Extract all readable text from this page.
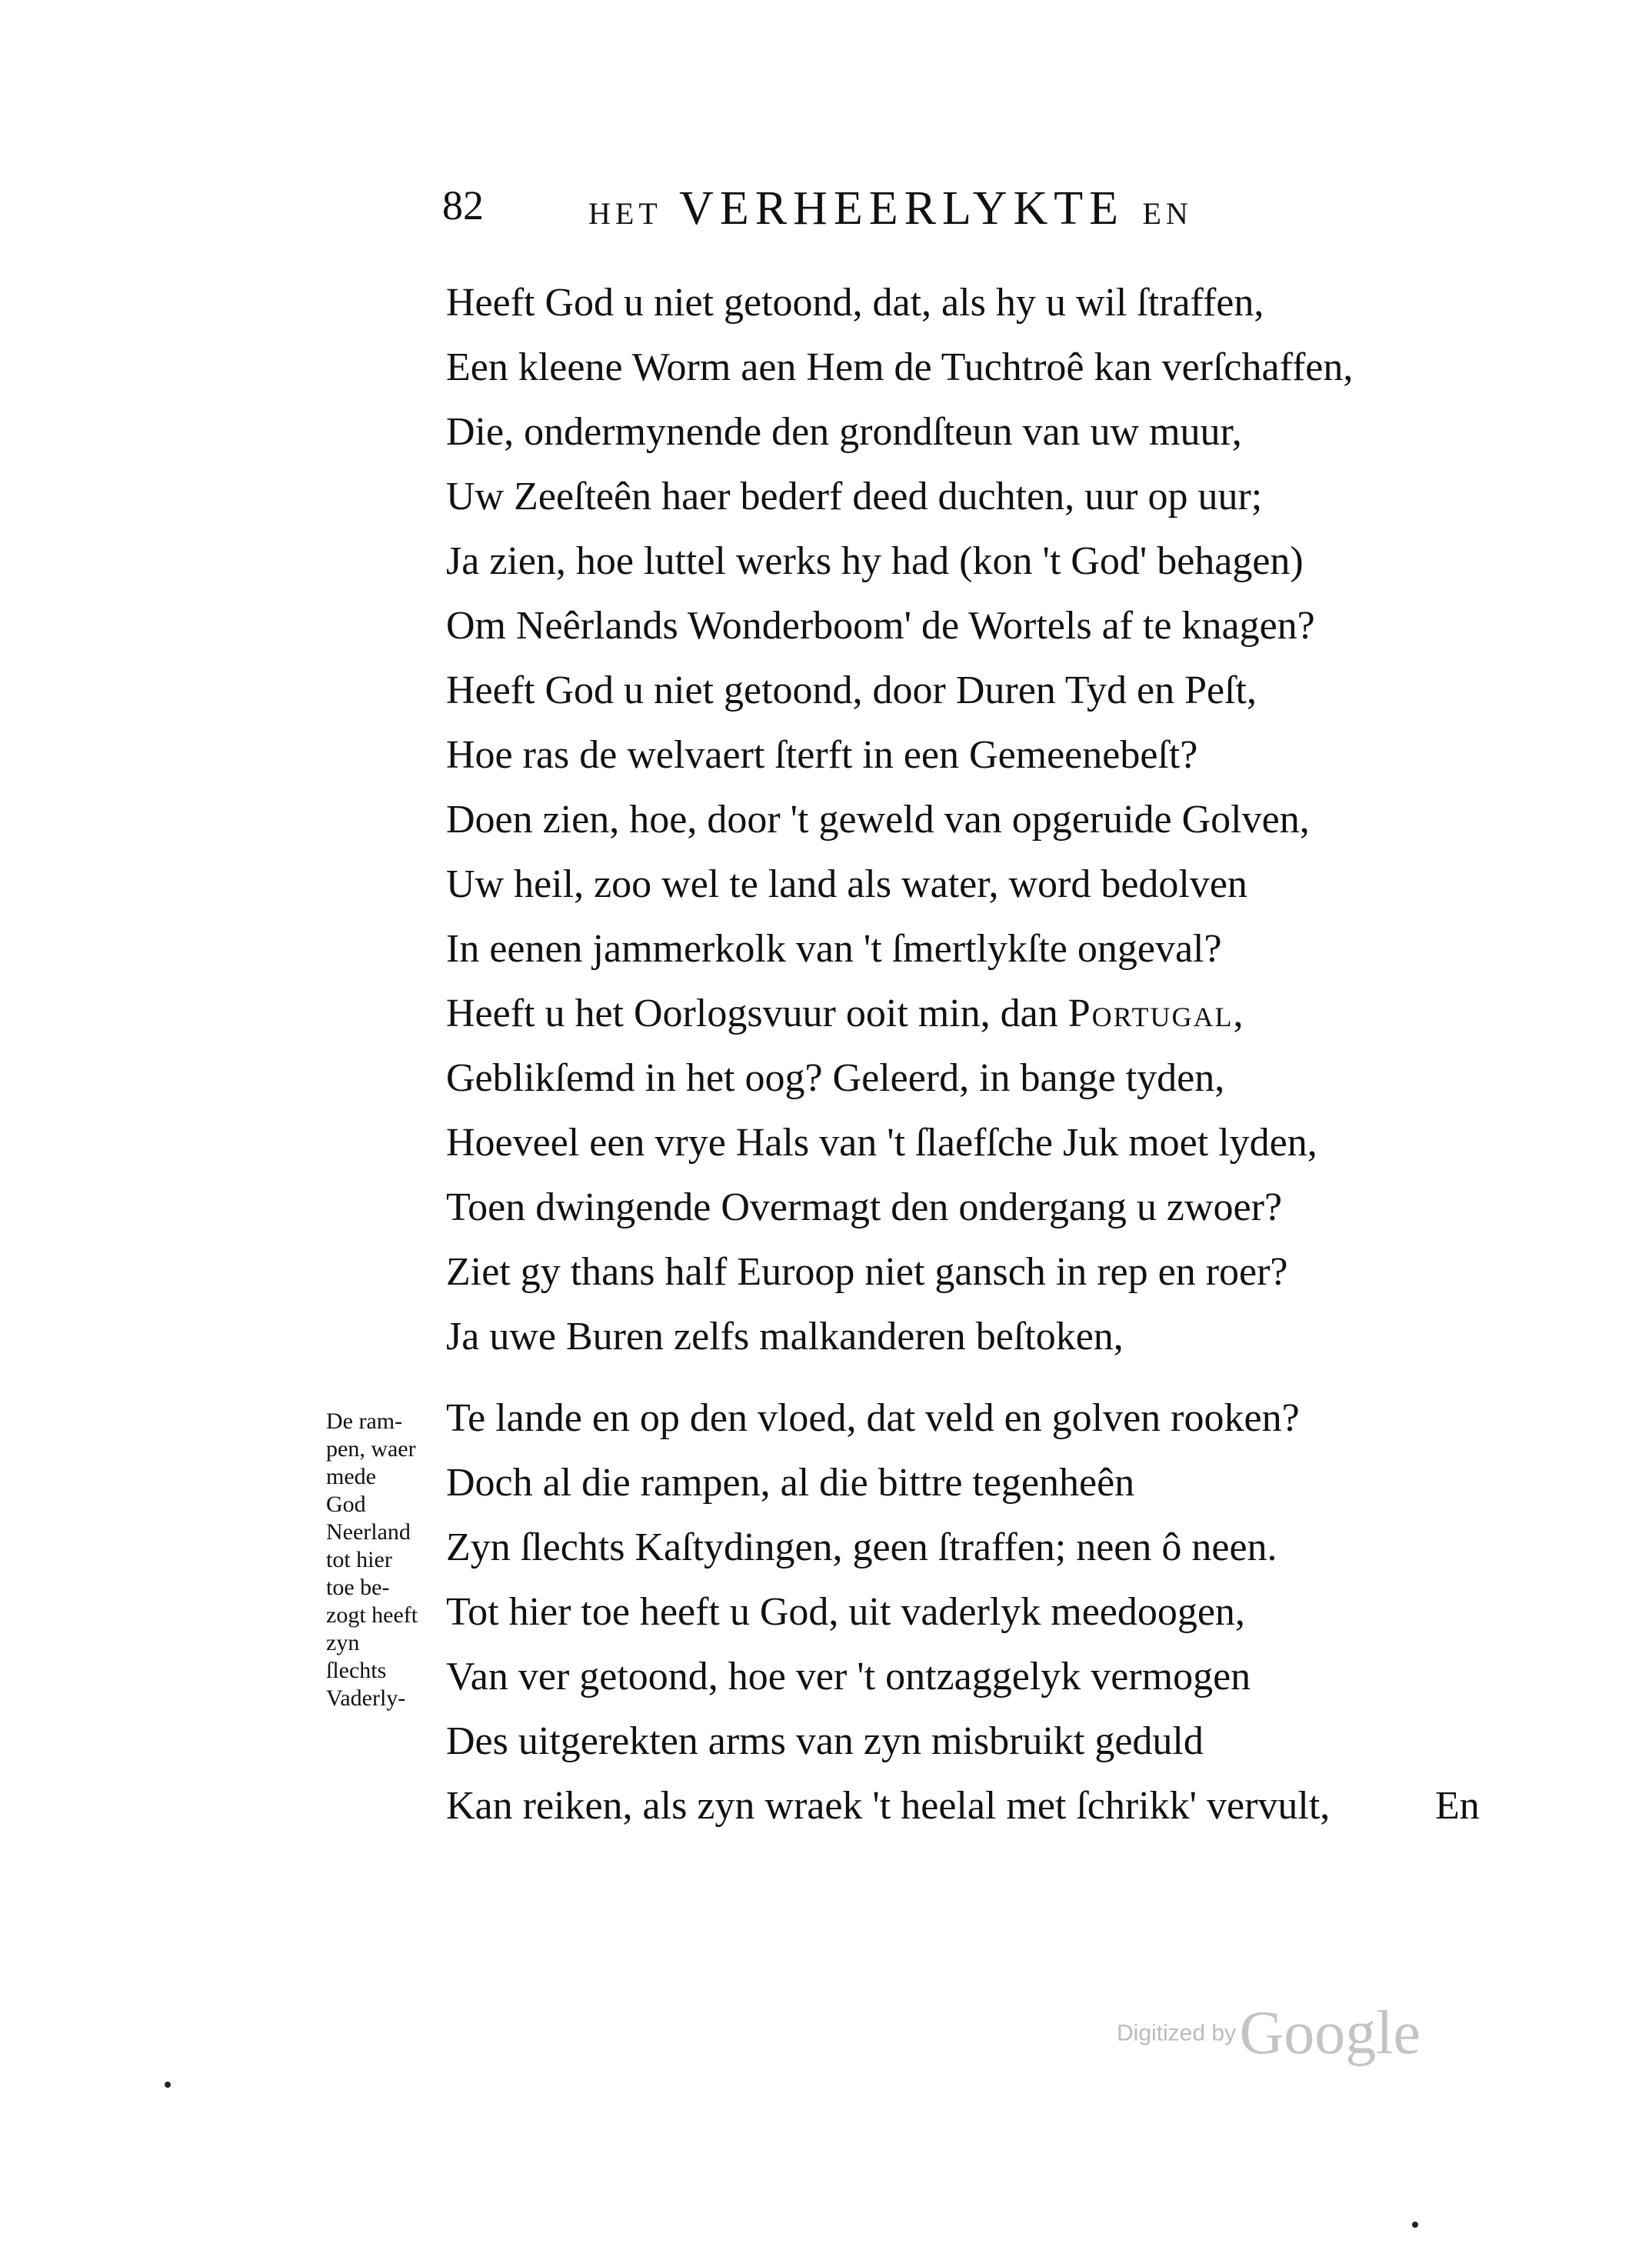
82	HET VERHEERLYKTE EN
Heeft God u niet getoond, dat, als hy u wil ſtraffen,
Een kleene Worm aen Hem de Tuchtroê kan verſchaffen,
Die, ondermynende den grondſteun van uw muur,
Uw Zeeſteên haer bederf deed duchten, uur op uur;
Ja zien, hoe luttel werks hy had (kon 't God' behagen)
Om Neêrlands Wonderboom' de Wortels af te knagen?
Heeft God u niet getoond, door Duren Tyd en Peſt,
Hoe ras de welvaert ſterft in een Gemeenebeſt?
Doen zien, hoe, door 't geweld van opgeruide Golven,
Uw heil, zoo wel te land als water, word bedolven
In eenen jammerkolk van 't ſmertlykſte ongeval?
Heeft u het Oorlogsvuur ooit min, dan Portugal,
Geblikſemd in het oog? Geleerd, in bange tyden,
Hoeveel een vrye Hals van 't ſlaefſche Juk moet lyden,
Toen dwingende Overmagt den ondergang u zwoer?
Ziet gy thans half Euroop niet gansch in rep en roer?
Ja uwe Buren zelfs malkanderen beſtoken,
Te lande en op den vloed, dat veld en golven rooken?
Doch al die rampen, al die bittre tegenheên
Zyn ſlechts Kaſtydingen, geen ſtraffen; neen ô neen.
Tot hier toe heeft u God, uit vaderlyk meedoogen,
Van ver getoond, hoe ver 't ontzaggelyk vermogen
Des uitgerekten arms van zyn misbruikt geduld
Kan reiken, als zyn wraek 't heelal met ſchrikk' vervult,
De ram-
pen, waer
mede
God
Neerland
tot hier
toe be-
zogt heeft
zyn
ſlechts
Vaderly-
En
Digitized by Google
